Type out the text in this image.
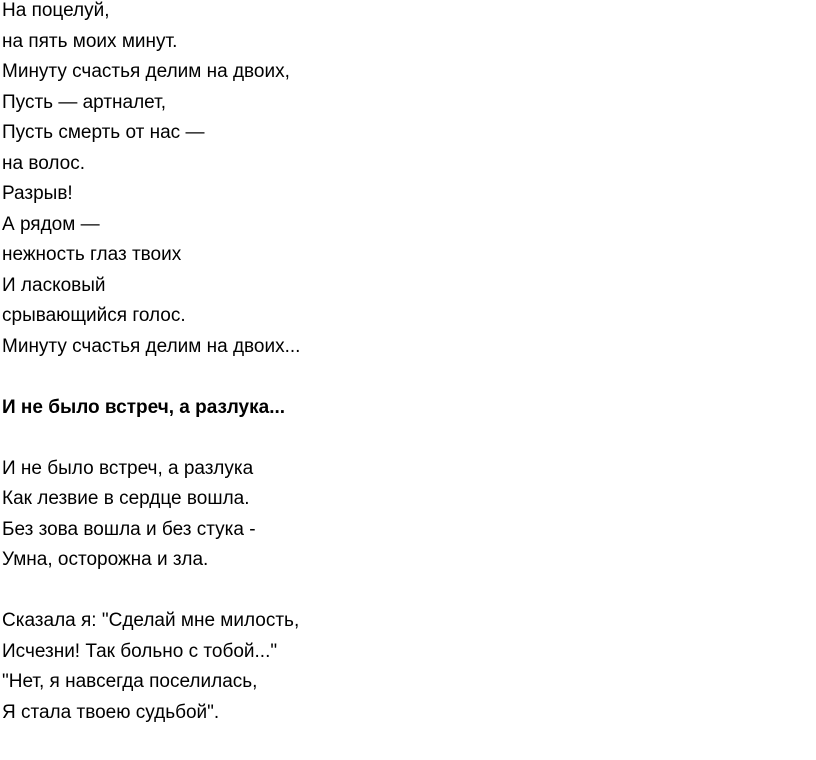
На поцелуй,
на пять моих минут.
Минуту счастья делим на двоих,
Пусть — артналет,
Пусть смерть от нас —
на волос.
Разрыв!
А рядом —
нежность глаз твоих
И ласковый
срывающийся голос.
Минуту счастья делим на двоих...
И не было встреч, а разлука...
И не было встреч, а разлука
Как лезвие в сердце вошла.
Без зова вошла и без стука -
Умна, осторожна и зла.
Сказала я: "Сделай мне милость,
Исчезни! Так больно с тобой..."
"Нет, я навсегда поселилась,
Я стала твоею судьбой".
